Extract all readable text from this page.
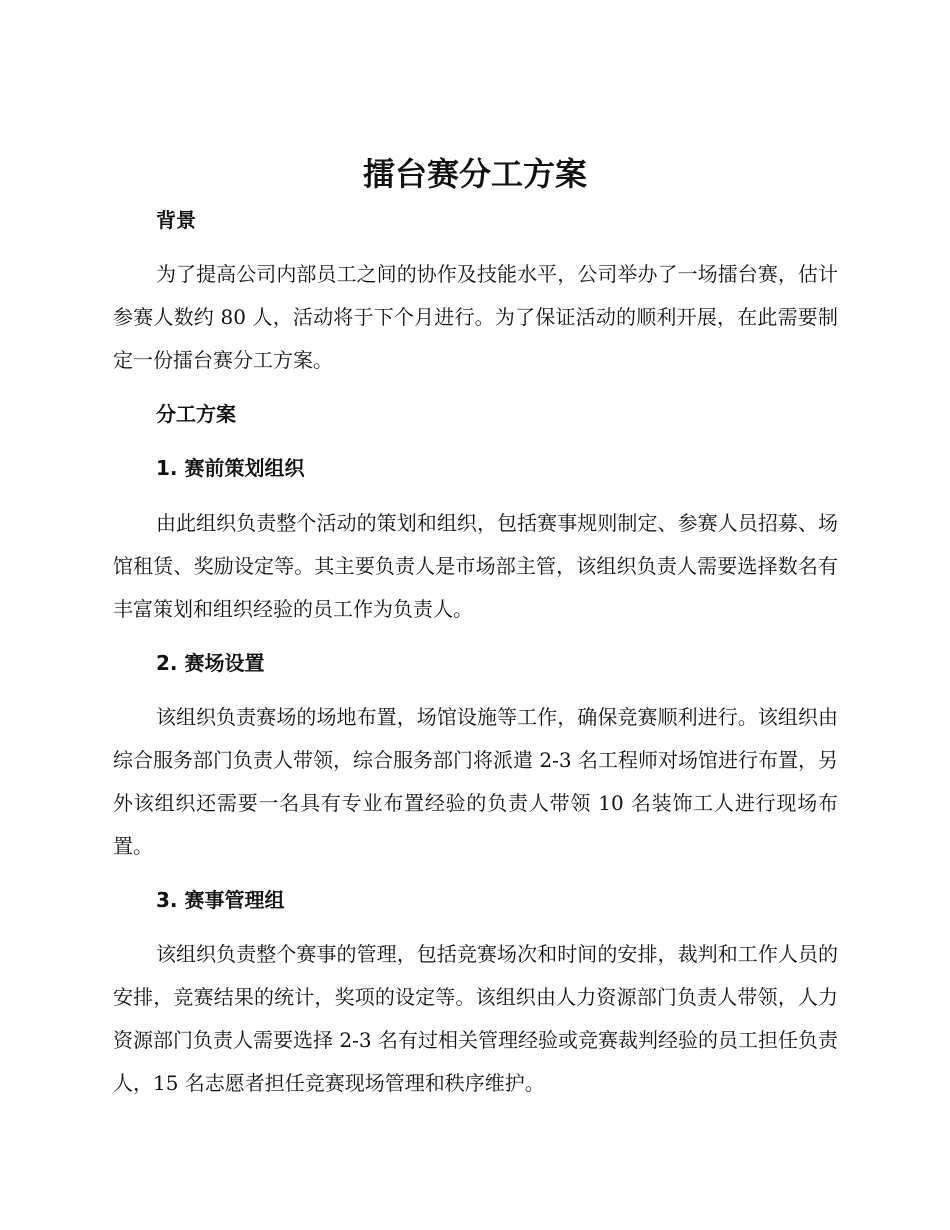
擂台赛分工方案
背景

为了提高公司内部员工之间的协作及技能水平，公司举办了一场擂台赛，估计参赛人数约 80 人，活动将于下个月进行。为了保证活动的顺利开展，在此需要制定一份擂台赛分工方案。

分工方案
1. 赛前策划组织

由此组织负责整个活动的策划和组织，包括赛事规则制定、参赛人员招募、场馆租赁、奖励设定等。其主要负责人是市场部主管，该组织负责人需要选择数名有丰富策划和组织经验的员工作为负责人。

2. 赛场设置

该组织负责赛场的场地布置，场馆设施等工作，确保竞赛顺利进行。该组织由综合服务部门负责人带领，综合服务部门将派遣 2-3 名工程师对场馆进行布置，另外该组织还需要一名具有专业布置经验的负责人带领 10 名装饰工人进行现场布置。

3. 赛事管理组

该组织负责整个赛事的管理，包括竞赛场次和时间的安排，裁判和工作人员的安排，竞赛结果的统计，奖项的设定等。该组织由人力资源部门负责人带领，人力资源部门负责人需要选择 2-3 名有过相关管理经验或竞赛裁判经验的员工担任负责人，15 名志愿者担任竞赛现场管理和秩序维护。
